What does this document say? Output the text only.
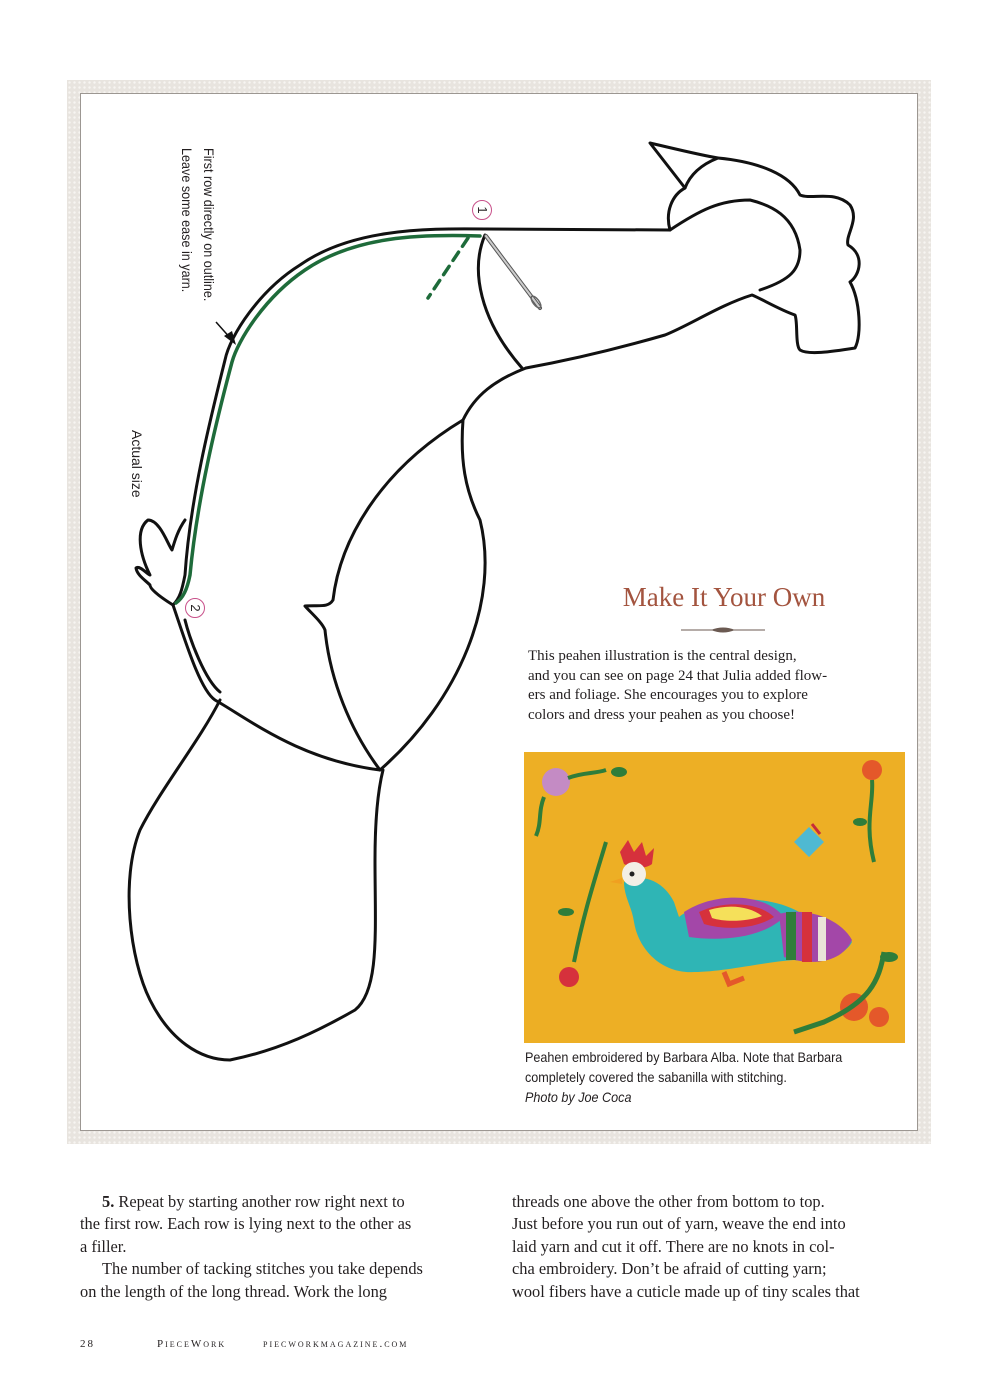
First row directly on outline.
Leave some ease in yarn.
Actual size
1
2	Make It Your Own
This peahen illustration is the central design,
and you can see on page 24 that Julia added flow-
ers and foliage. She encourages you to explore
colors and dress your peahen as you choose!
Peahen embroidered by Barbara Alba. Note that Barbara
completely covered the sabanilla with stitching.
Photo by Joe Coca
5. Repeat by starting another row right next to
the first row. Each row is lying next to the other as
a filler.
The number of tacking stitches you take depends
on the length of the long thread. Work the long
threads one above the other from bottom to top.
Just before you run out of yarn, weave the end into
laid yarn and cut it off. There are no knots in col-
cha embroidery. Don’t be afraid of cutting yarn;
wool fibers have a cuticle made up of tiny scales that
28	PieceWork	piecworkmagazine.com
